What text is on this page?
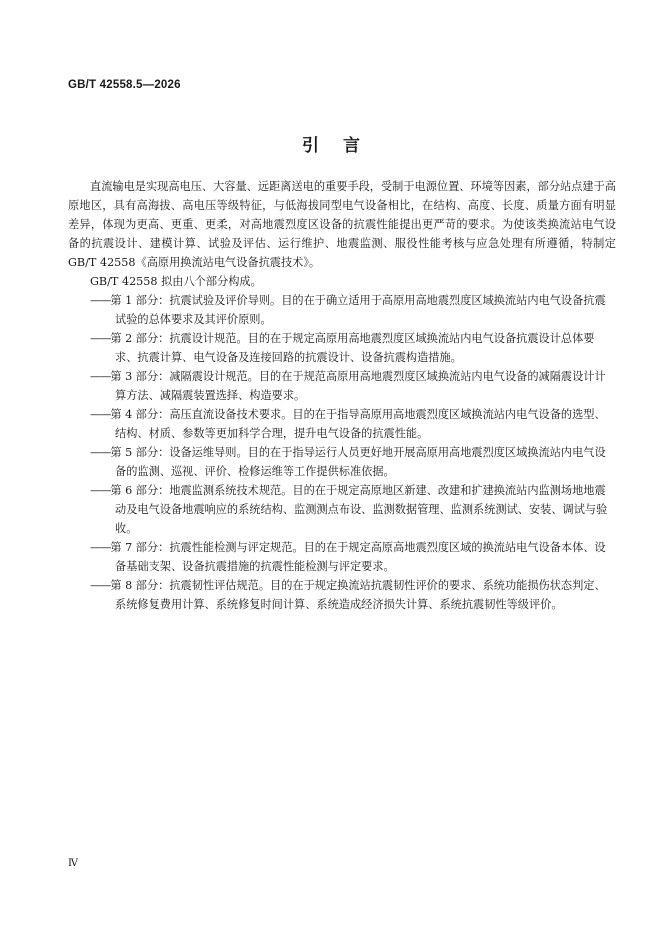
GB/T 42558.5—2026
引 言

直流输电是实现高电压、大容量、远距离送电的重要手段，受制于电源位置、环境等因素，部分站点建于高原地区，具有高海拔、高电压等级特征，与低海拔同型电气设备相比，在结构、高度、长度、质量方面有明显差异，体现为更高、更重、更柔，对高地震烈度区设备的抗震性能提出更严苛的要求。为使该类换流站电气设备的抗震设计、建模计算、试验及评估、运行维护、地震监测、服役性能考核与应急处理有所遵循，特制定 GB/T 42558《高原用换流站电气设备抗震技术》。

GB/T 42558 拟由八个部分构成。

——第 1 部分：抗震试验及评价导则。目的在于确立适用于高原用高地震烈度区域换流站内电气设备抗震试验的总体要求及其评价原则。

——第 2 部分：抗震设计规范。目的在于规定高原用高地震烈度区域换流站内电气设备抗震设计总体要求、抗震计算、电气设备及连接回路的抗震设计、设备抗震构造措施。

——第 3 部分：减隔震设计规范。目的在于规范高原用高地震烈度区域换流站内电气设备的减隔震设计计算方法、减隔震装置选择、构造要求。

——第 4 部分：高压直流设备技术要求。目的在于指导高原用高地震烈度区域换流站内电气设备的选型、结构、材质、参数等更加科学合理，提升电气设备的抗震性能。

——第 5 部分：设备运维导则。目的在于指导运行人员更好地开展高原用高地震烈度区域换流站内电气设备的监测、巡视、评价、检修运维等工作提供标准依据。

——第 6 部分：地震监测系统技术规范。目的在于规定高原地区新建、改建和扩建换流站内监测场地地震动及电气设备地震响应的系统结构、监测测点布设、监测数据管理、监测系统测试、安装、调试与验收。

——第 7 部分：抗震性能检测与评定规范。目的在于规定高原高地震烈度区域的换流站电气设备本体、设备基础支架、设备抗震措施的抗震性能检测与评定要求。

——第 8 部分：抗震韧性评估规范。目的在于规定换流站抗震韧性评价的要求、系统功能损伤状态判定、系统修复费用计算、系统修复时间计算、系统造成经济损失计算、系统抗震韧性等级评价。

Ⅳ
